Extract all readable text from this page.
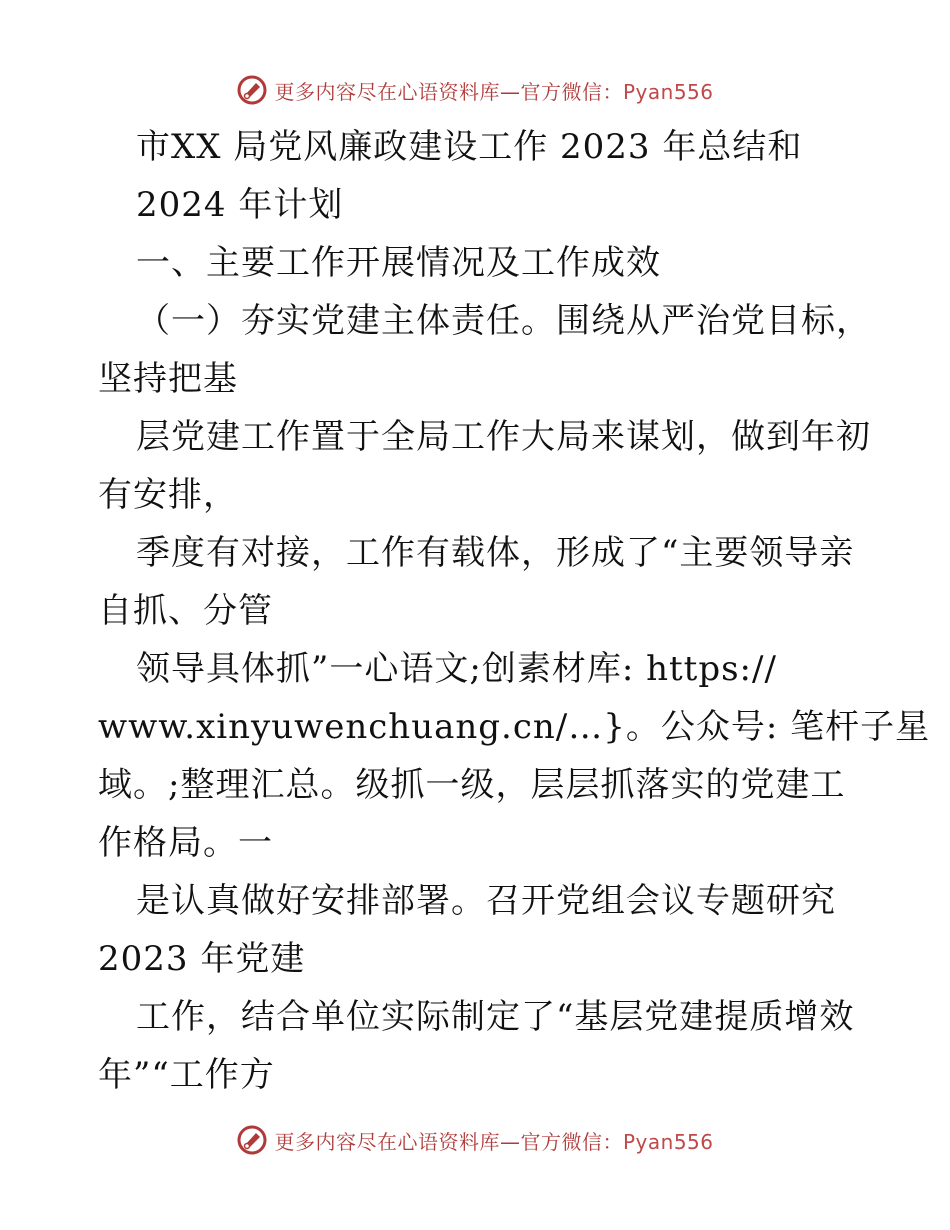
更多内容尽在心语资料库—官方微信：Pyan556
市XX 局党风廉政建设工作 2023 年总结和
2024 年计划
一、主要工作开展情况及工作成效
（一）夯实党建主体责任。围绕从严治党目标，
坚持把基
层党建工作置于全局工作大局来谋划，做到年初
有安排，
季度有对接，工作有载体，形成了“主要领导亲
自抓、分管
领导具体抓”一心语文;创素材库: https://
www.xinyuwenchuang.cn/…}。公众号: 笔杆子星
域。;整理汇总。级抓一级，层层抓落实的党建工
作格局。一
是认真做好安排部署。召开党组会议专题研究
2023 年党建
工作，结合单位实际制定了“基层党建提质增效
年”“工作方
更多内容尽在心语资料库—官方微信：Pyan556
